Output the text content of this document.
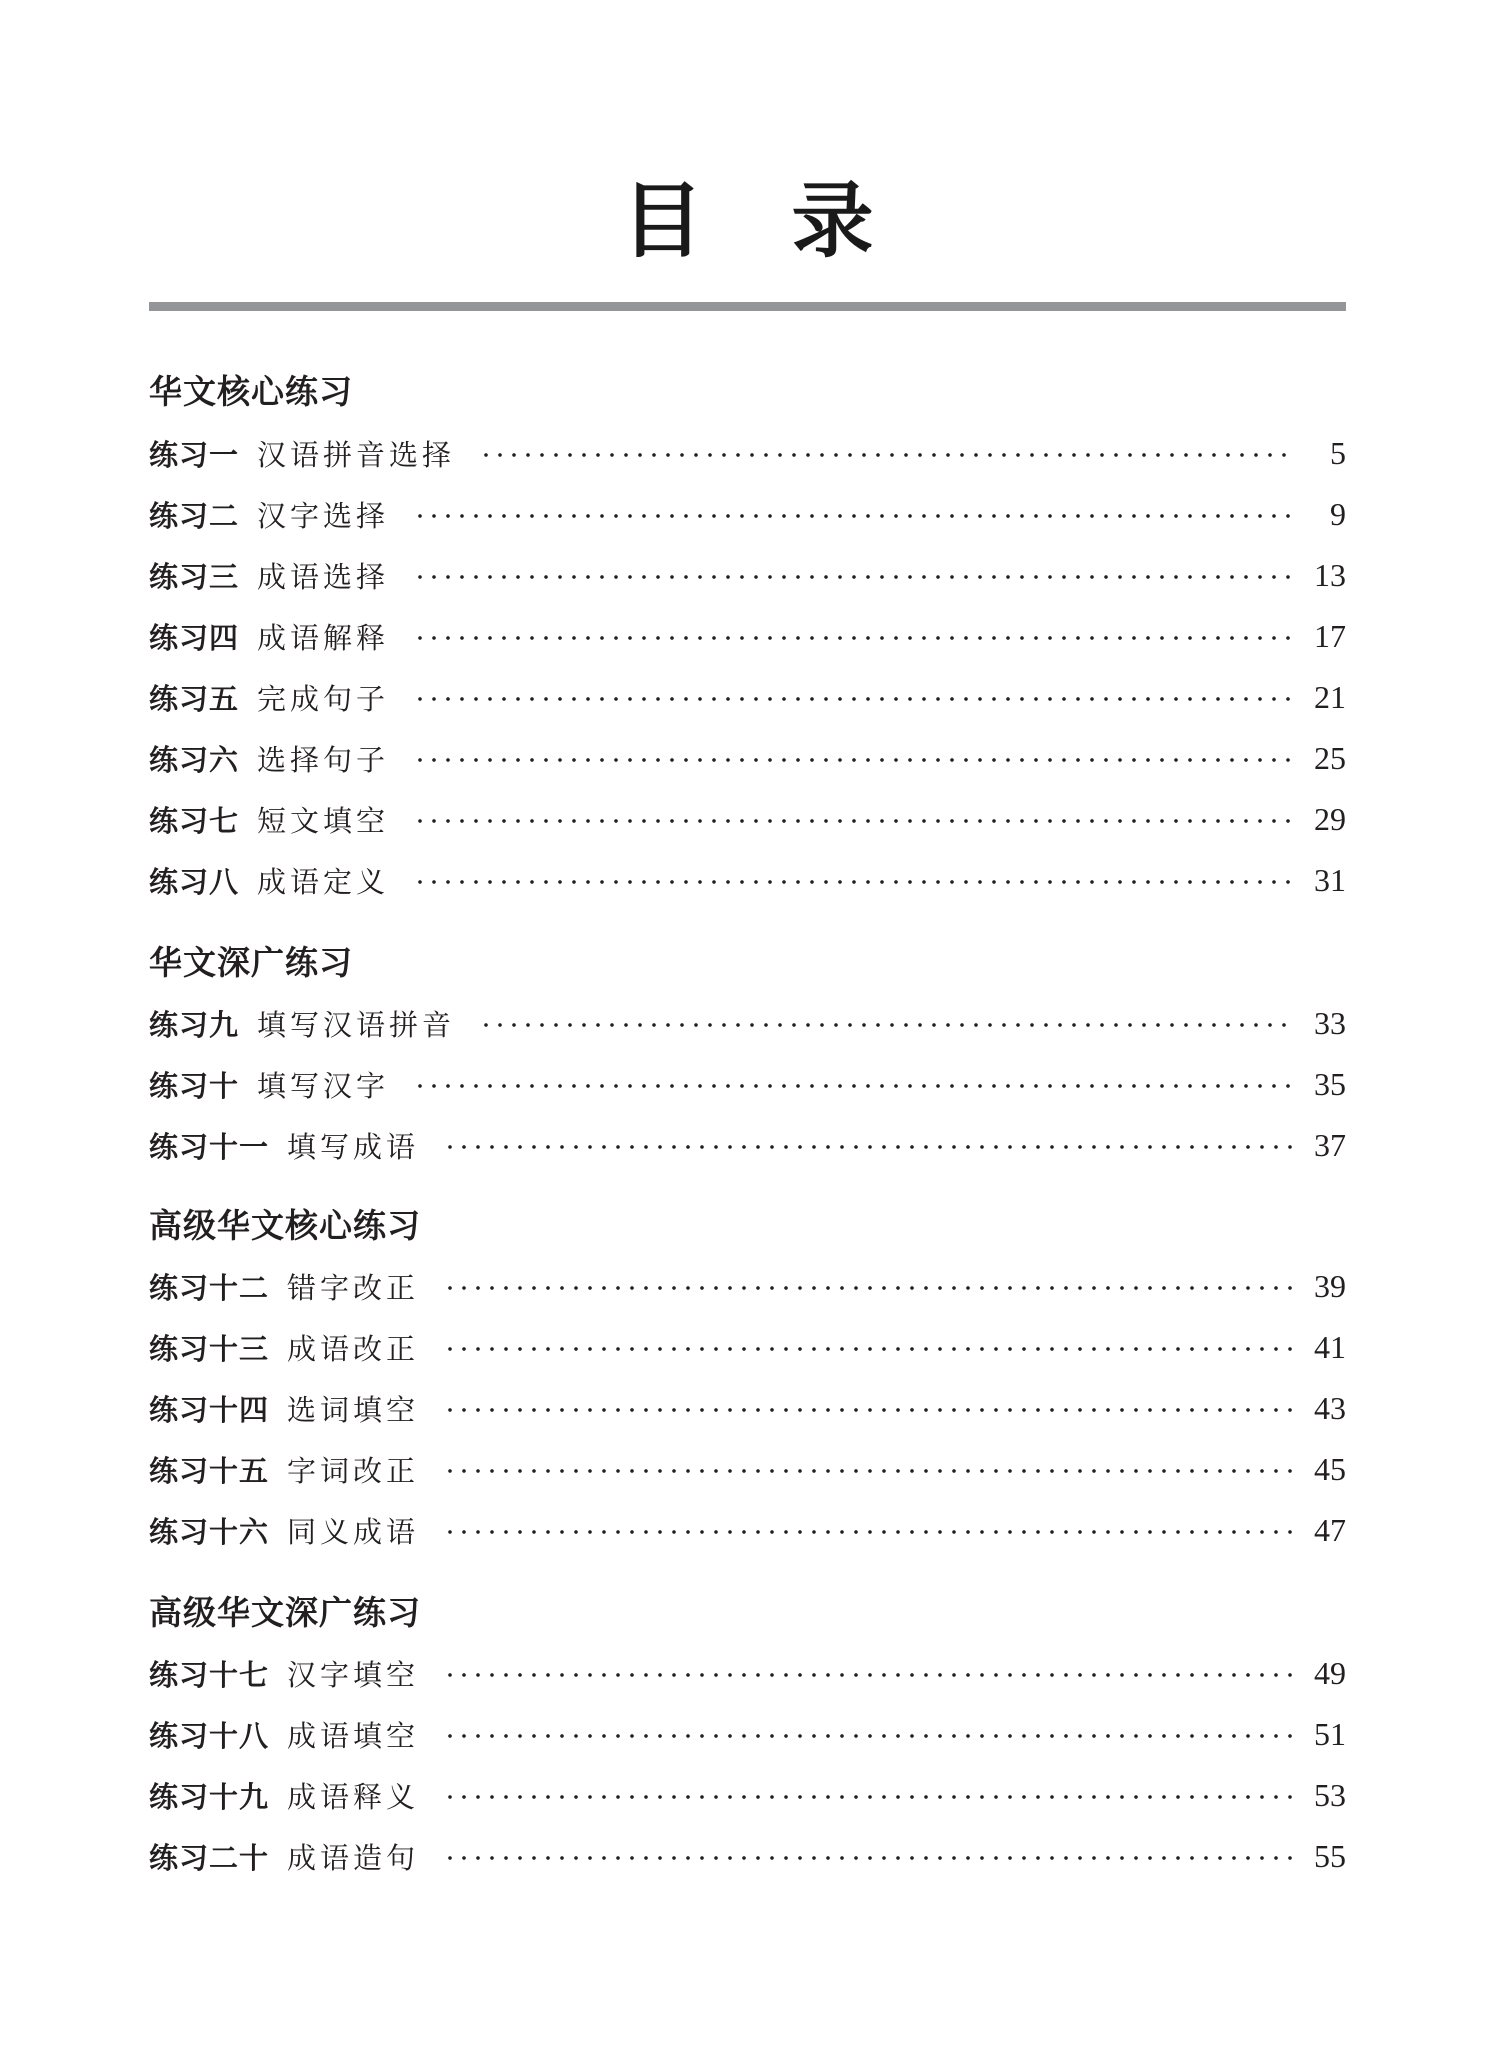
目 录
华文核心练习
练习一 汉语拼音选择	5
练习二 汉字选择	9
练习三 成语选择	13
练习四 成语解释	17
练习五 完成句子	21
练习六 选择句子	25
练习七 短文填空	29
练习八 成语定义	31
华文深广练习
练习九 填写汉语拼音	33
练习十 填写汉字	35
练习十一 填写成语	37
高级华文核心练习
练习十二 错字改正	39
练习十三 成语改正	41
练习十四 选词填空	43
练习十五 字词改正	45
练习十六 同义成语	47
高级华文深广练习
练习十七 汉字填空	49
练习十八 成语填空	51
练习十九 成语释义	53
练习二十 成语造句	55
